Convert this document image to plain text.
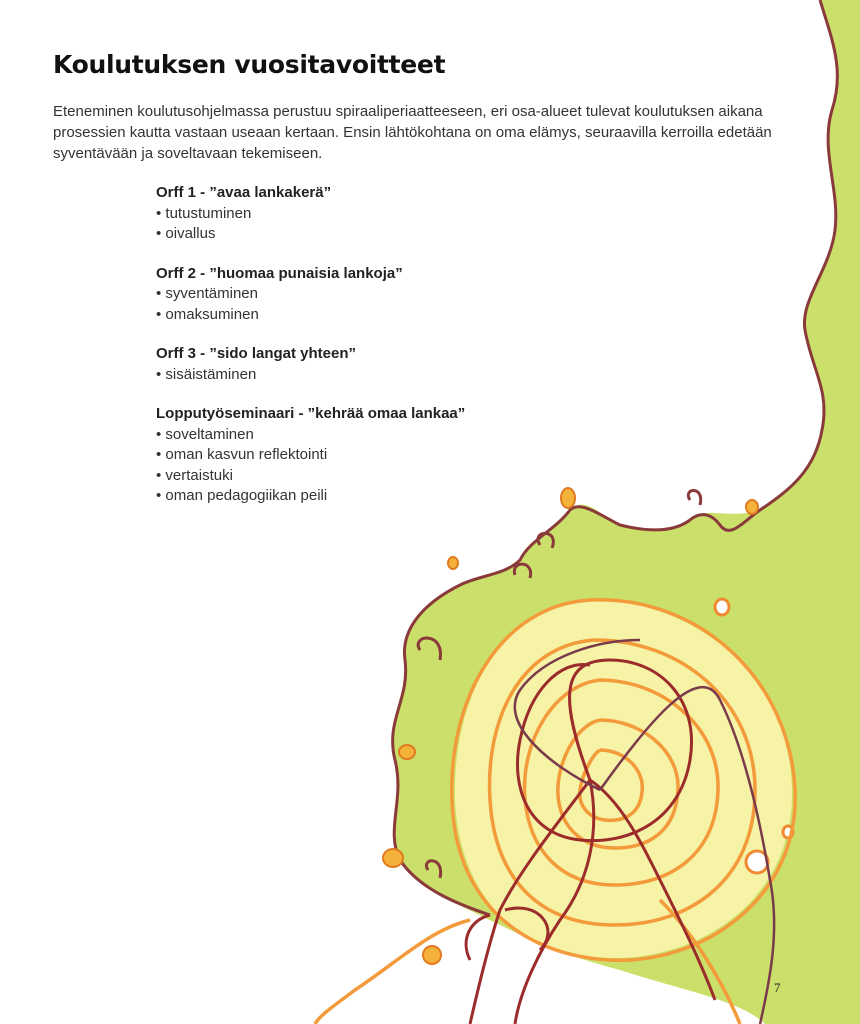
Koulutuksen vuositavoitteet

Eteneminen koulutusohjelmassa perustuu spiraaliperiaatteeseen, eri osa-alueet tulevat koulutuksen aikana prosessien kautta vastaan useaan kertaan. Ensin lähtökohtana on oma elämys, seuraavilla kerroilla edetään syventävään ja soveltavaan tekemiseen.

Orff 1 - ”avaa lankakerä”
• tutustuminen
• oivallus
Orff 2 - ”huomaa punaisia lankoja”
• syventäminen
• omaksuminen
Orff 3 - ”sido langat yhteen”
• sisäistäminen
Lopputyöseminaari - ”kehrää omaa lankaa”
• soveltaminen
• oman kasvun reflektointi
• vertaistuki
• oman pedagogiikan peili
7
